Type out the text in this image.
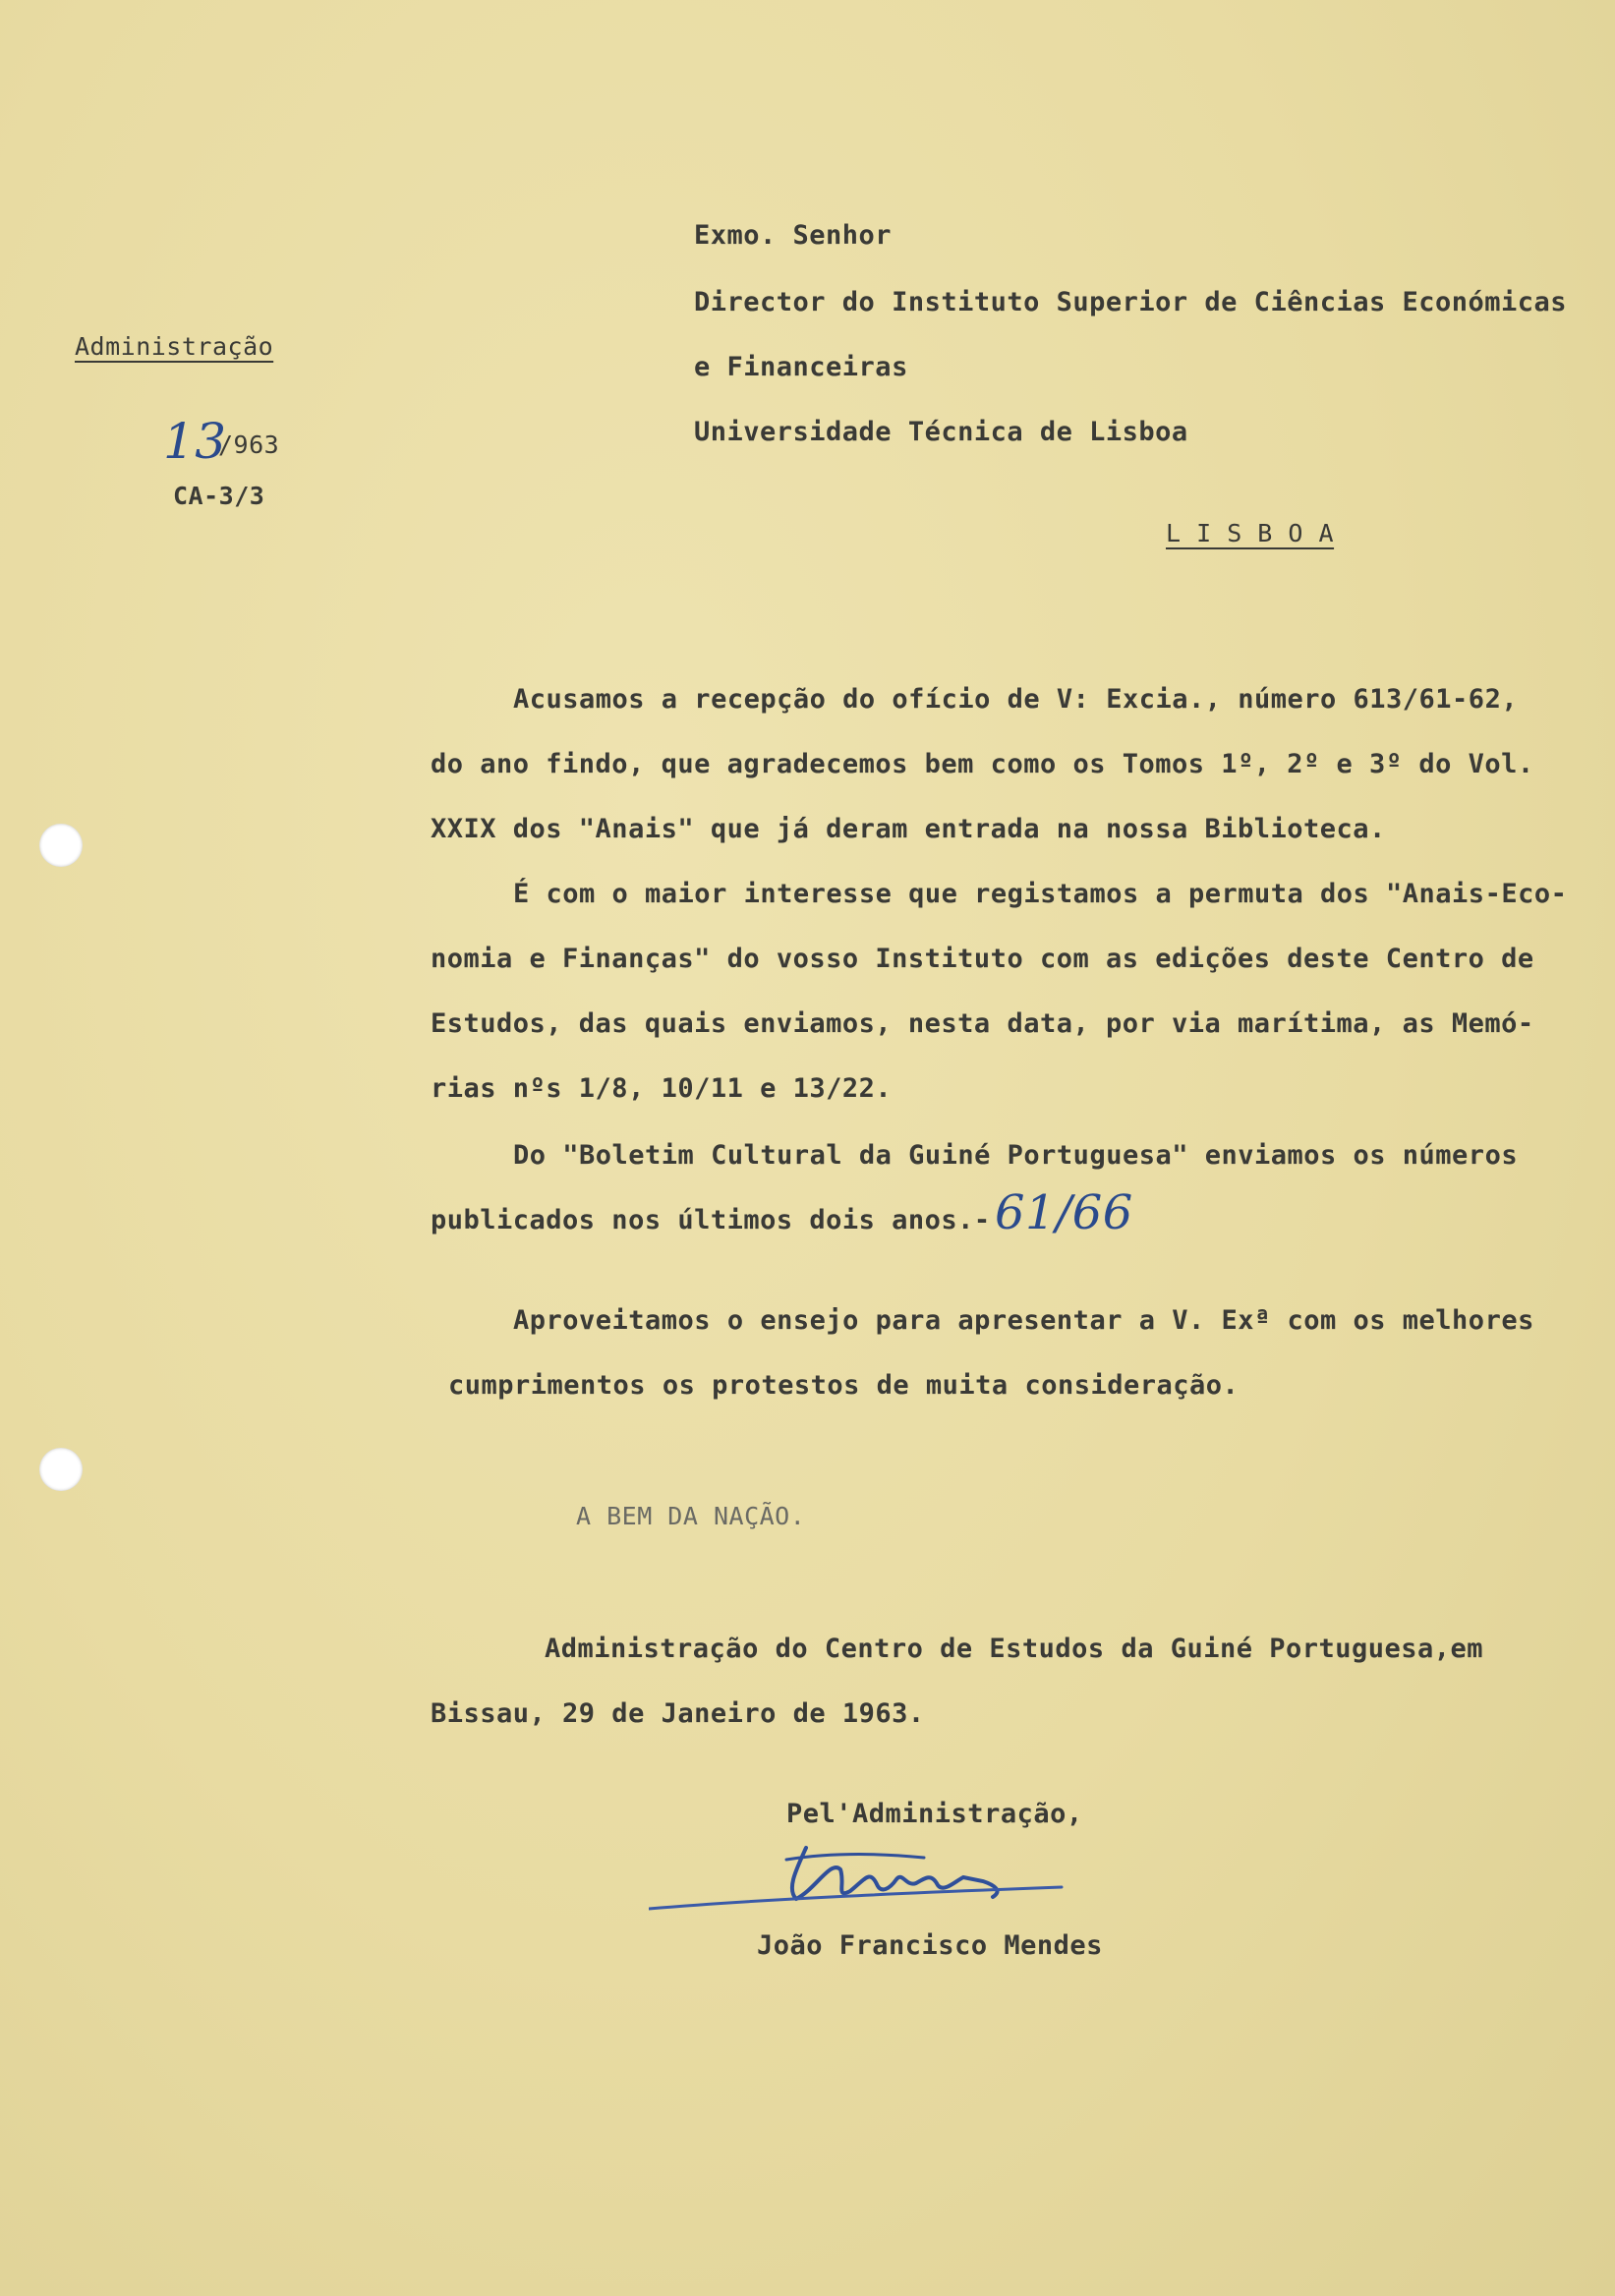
Administração
13
/963
CA-3/3
Exmo. Senhor
Director do Instituto Superior de Ciências Económicas
e Financeiras
Universidade Técnica de Lisboa
L I S B O A
Acusamos a recepção do ofício de V: Excia., número 613/61-62,
do ano findo, que agradecemos bem como os Tomos 1º, 2º e 3º do Vol.
XXIX dos "Anais" que já deram entrada na nossa Biblioteca.
É com o maior interesse que registamos a permuta dos "Anais-Eco-
nomia e Finanças" do vosso Instituto com as edições deste Centro de
Estudos, das quais enviamos, nesta data, por via marítima, as Memó-
rias nºs 1/8, 10/11 e 13/22.
Do "Boletim Cultural da Guiné Portuguesa" enviamos os números
publicados nos últimos dois anos.- 61/66
Aproveitamos o ensejo para apresentar a V. Exª com os melhores
cumprimentos os protestos de muita consideração.
A BEM DA NAÇÃO.
Administração do Centro de Estudos da Guiné Portuguesa,em
Bissau, 29 de Janeiro de 1963.
Pel'Administração,
João Francisco Mendes
